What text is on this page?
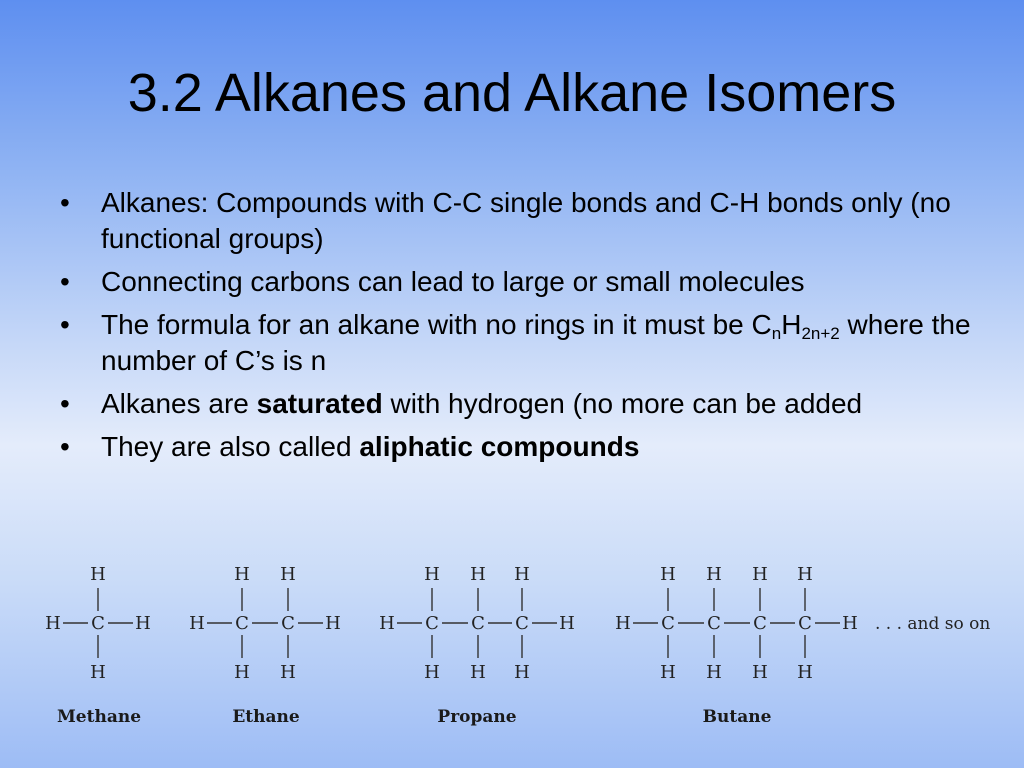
3.2 Alkanes and Alkane Isomers
• Alkanes: Compounds with C-C single bonds and C-H bonds only (no functional groups)
• Connecting carbons can lead to large or small molecules
• The formula for an alkane with no rings in it must be $C_nH_{2n+2}$ where the number of C’s is n
• Alkanes are saturated with hydrogen (no more can be added
• They are also called aliphatic compounds
H	H
C
H
H
H	H
C
H
H
C
H
H
H	H
C
H
H
C
H
H
C
H
H
H	H
C
H
H
C
H
H
C
H
H
C
H
H
. . . and so on
Methane	Ethane	Propane	Butane
